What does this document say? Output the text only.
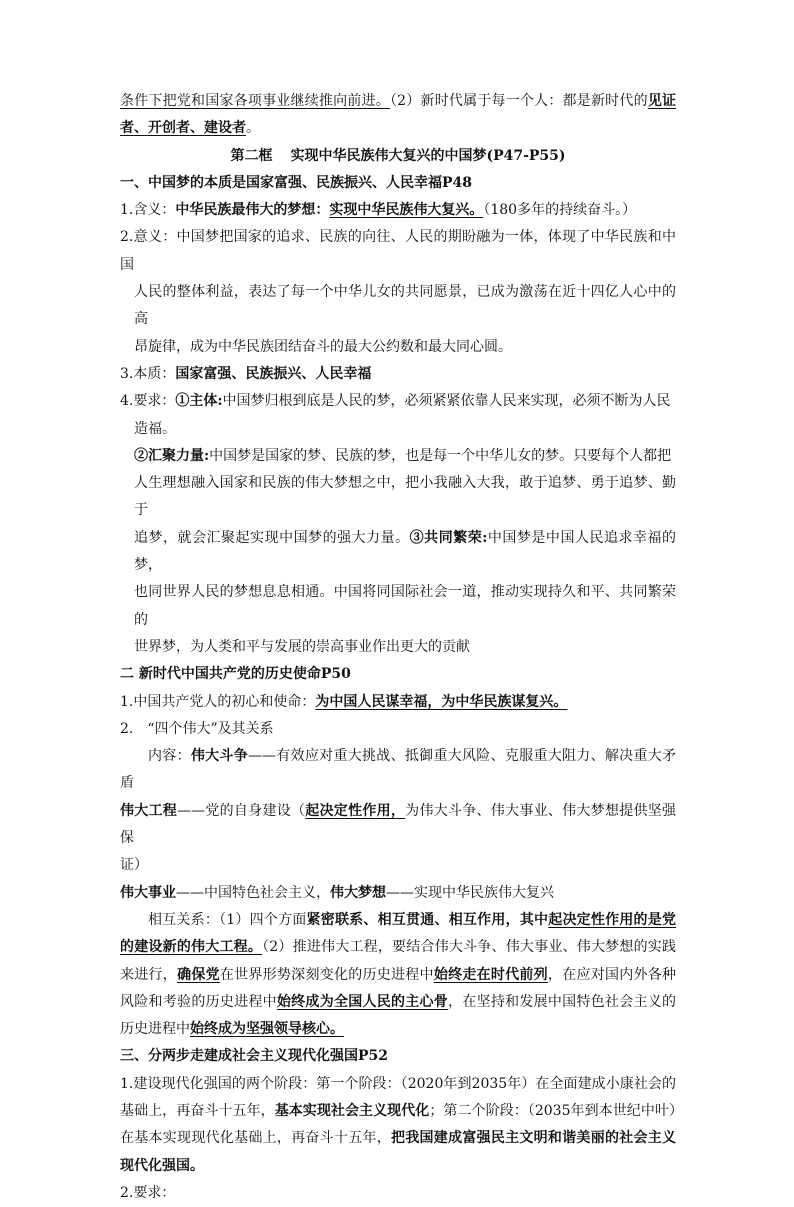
条件下把党和国家各项事业继续推向前进。（2）新时代属于每一个人：都是新时代的见证者、开创者、建设者。

第二框 实现中华民族伟大复兴的中国梦(P47-P55)

一、中国梦的本质是国家富强、民族振兴、人民幸福P48

1.含义：中华民族最伟大的梦想：实现中华民族伟大复兴。（180多年的持续奋斗。）

2.意义：中国梦把国家的追求、民族的向往、人民的期盼融为一体，体现了中华民族和中国

人民的整体利益，表达了每一个中华儿女的共同愿景，已成为激荡在近十四亿人心中的高

昂旋律，成为中华民族团结奋斗的最大公约数和最大同心圆。

3.本质：国家富强、民族振兴、人民幸福

4.要求：①主体:中国梦归根到底是人民的梦，必须紧紧依靠人民来实现，必须不断为人民

造福。

②汇聚力量:中国梦是国家的梦、民族的梦，也是每一个中华儿女的梦。只要每个人都把

人生理想融入国家和民族的伟大梦想之中，把小我融入大我，敢于追梦、勇于追梦、勤于

追梦，就会汇聚起实现中国梦的强大力量。③共同繁荣:中国梦是中国人民追求幸福的梦，

也同世界人民的梦想息息相通。中国将同国际社会一道，推动实现持久和平、共同繁荣的

世界梦，为人类和平与发展的崇高事业作出更大的贡献

二 新时代中国共产党的历史使命P50

1.中国共产党人的初心和使命：为中国人民谋幸福，为中华民族谋复兴。

2.　“四个伟大”及其关系

内容：伟大斗争——有效应对重大挑战、抵御重大风险、克服重大阻力、解决重大矛盾

伟大工程——党的自身建设（起决定性作用，为伟大斗争、伟大事业、伟大梦想提供坚强保

证）

伟大事业——中国特色社会主义，伟大梦想——实现中华民族伟大复兴

相互关系：（1）四个方面紧密联系、相互贯通、相互作用，其中起决定性作用的是党的建设新的伟大工程。（2）推进伟大工程，要结合伟大斗争、伟大事业、伟大梦想的实践来进行，确保党在世界形势深刻变化的历史进程中始终走在时代前列，在应对国内外各种风险和考验的历史进程中始终成为全国人民的主心骨，在坚持和发展中国特色社会主义的历史进程中始终成为坚强领导核心。

三、分两步走建成社会主义现代化强国P52

1.建设现代化强国的两个阶段：第一个阶段：（2020年到2035年）在全面建成小康社会的基础上，再奋斗十五年，基本实现社会主义现代化；第二个阶段：（2035年到本世纪中叶）在基本实现现代化基础上，再奋斗十五年，把我国建成富强民主文明和谐美丽的社会主义现代化强国。

2.要求：
